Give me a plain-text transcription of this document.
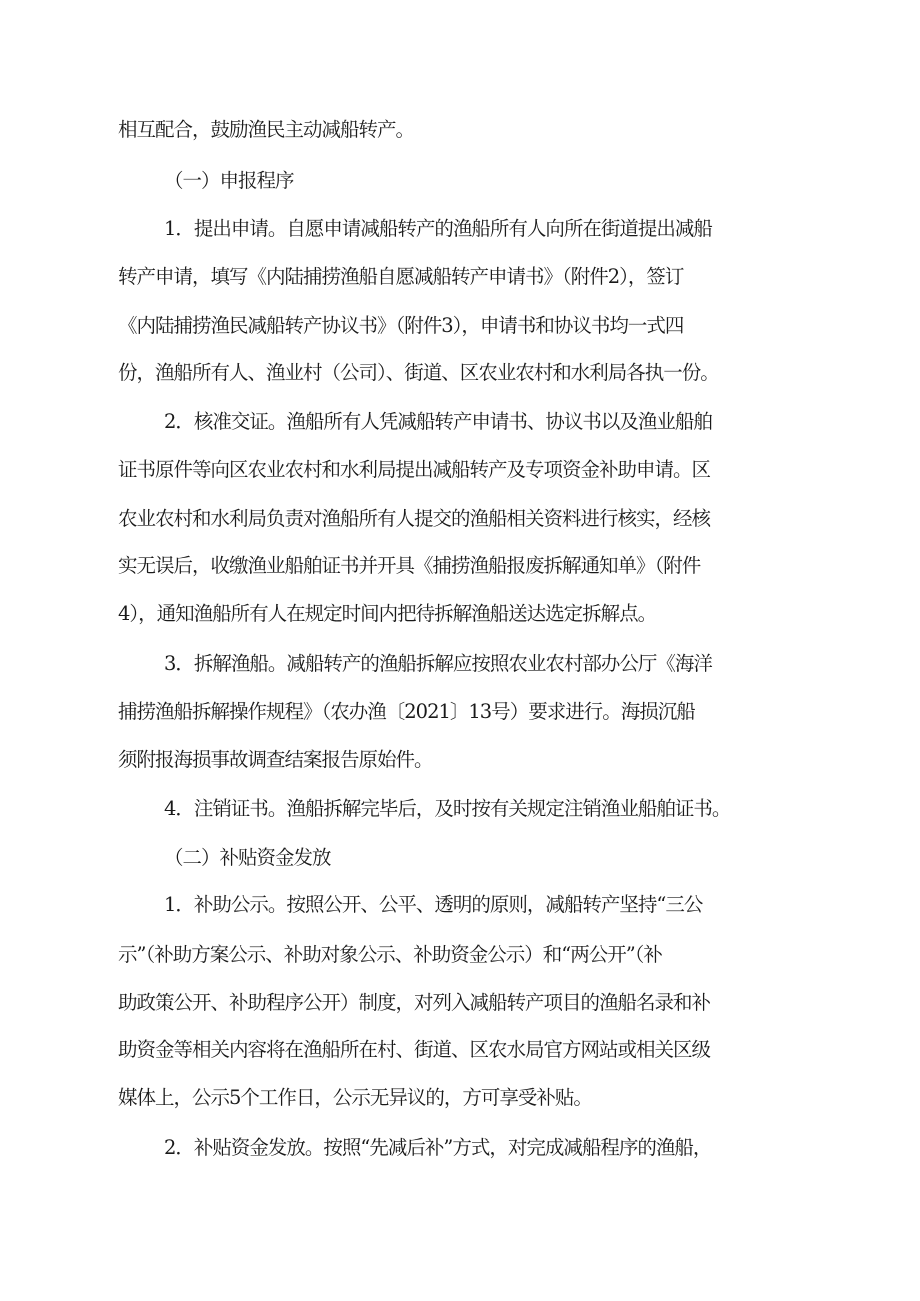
相互配合，鼓励渔民主动减船转产。
（一）申报程序
1．提出申请。自愿申请减船转产的渔船所有人向所在街道提出减船
转产申请，填写《内陆捕捞渔船自愿减船转产申请书》（附件2），签订
《内陆捕捞渔民减船转产协议书》（附件3），申请书和协议书均一式四
份，渔船所有人、渔业村（公司）、街道、区农业农村和水利局各执一份。
2．核准交证。渔船所有人凭减船转产申请书、协议书以及渔业船舶
证书原件等向区农业农村和水利局提出减船转产及专项资金补助申请。区
农业农村和水利局负责对渔船所有人提交的渔船相关资料进行核实，经核
实无误后，收缴渔业船舶证书并开具《捕捞渔船报废拆解通知单》（附件
4），通知渔船所有人在规定时间内把待拆解渔船送达选定拆解点。
3．拆解渔船。减船转产的渔船拆解应按照农业农村部办公厅《海洋
捕捞渔船拆解操作规程》（农办渔〔2021〕13号）要求进行。海损沉船
须附报海损事故调查结案报告原始件。
4．注销证书。渔船拆解完毕后，及时按有关规定注销渔业船舶证书。
（二）补贴资金发放
1．补助公示。按照公开、公平、透明的原则，减船转产坚持“三公
示”（补助方案公示、补助对象公示、补助资金公示）和“两公开”（补
助政策公开、补助程序公开）制度，对列入减船转产项目的渔船名录和补
助资金等相关内容将在渔船所在村、街道、区农水局官方网站或相关区级
媒体上，公示5个工作日，公示无异议的，方可享受补贴。
2．补贴资金发放。按照“先减后补”方式，对完成减船程序的渔船，
